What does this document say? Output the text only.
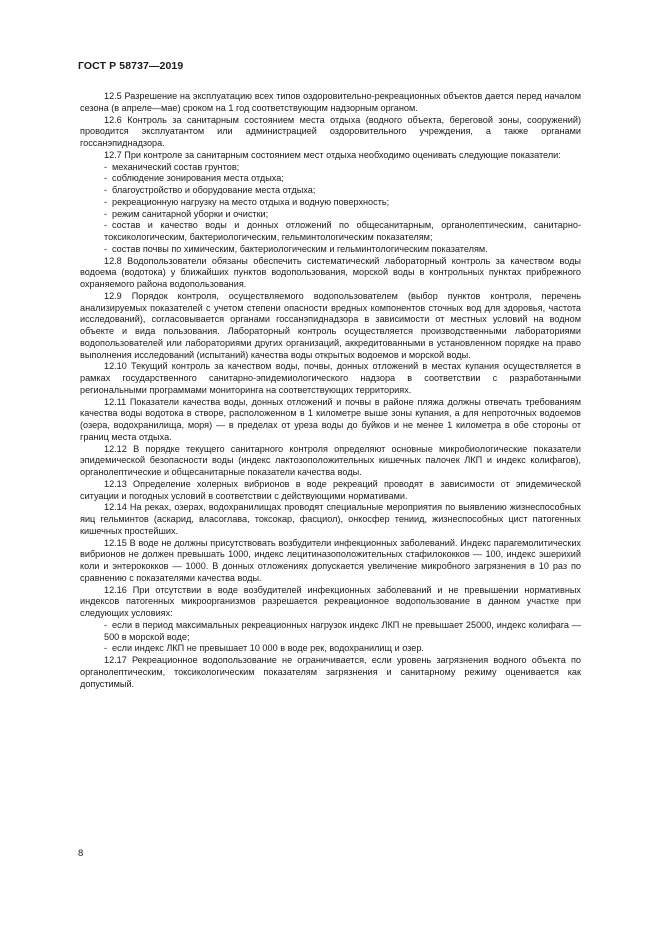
ГОСТ Р 58737—2019

12.5 Разрешение на эксплуатацию всех типов оздоровительно-рекреационных объектов дается перед началом сезона (в апреле—мае) сроком на 1 год соответствующим надзорным органом.

12.6 Контроль за санитарным состоянием места отдыха (водного объекта, береговой зоны, сооружений) проводится эксплуатантом или администрацией оздоровительного учреждения, а также органами госсанэпиднадзора.

12.7 При контроле за санитарным состоянием мест отдыха необходимо оценивать следующие показатели:

- механический состав грунтов;

- соблюдение зонирования места отдыха;

- благоустройство и оборудование места отдыха;

- рекреационную нагрузку на место отдыха и водную поверхность;

- режим санитарной уборки и очистки;

- состав и качество воды и донных отложений по общесанитарным, органолептическим, санитарно-токсикологическим, бактериологическим, гельминтологическим показателям;

- состав почвы по химическим, бактериологическим и гельминтологическим показателям.

12.8 Водопользователи обязаны обеспечить систематический лабораторный контроль за качеством воды водоема (водотока) у ближайших пунктов водопользования, морской воды в контрольных пунктах прибрежного охраняемого района водопользования.

12.9 Порядок контроля, осуществляемого водопользователем (выбор пунктов контроля, перечень анализируемых показателей с учетом степени опасности вредных компонентов сточных вод для здоровья, частота исследований), согласовывается органами госсанэпиднадзора в зависимости от местных условий на водном объекте и вида пользования. Лабораторный контроль осуществляется производственными лабораториями водопользователей или лабораториями других организаций, аккредитованными в установленном порядке на право выполнения исследований (испытаний) качества воды открытых водоемов и морской воды.

12.10 Текущий контроль за качеством воды, почвы, донных отложений в местах купания осуществляется в рамках государственного санитарно-эпидемиологического надзора в соответствии с разработанными региональными программами мониторинга на соответствующих территориях.

12.11 Показатели качества воды, донных отложений и почвы в районе пляжа должны отвечать требованиям качества воды водотока в створе, расположенном в 1 километре выше зоны купания, а для непроточных водоемов (озера, водохранилища, моря) — в пределах от уреза воды до буйков и не менее 1 километра в обе стороны от границ места отдыха.

12.12 В порядке текущего санитарного контроля определяют основные микробиологические показатели эпидемической безопасности воды (индекс лактозоположительных кишечных палочек ЛКП и индекс колифагов), органолептические и общесанитарные показатели качества воды.

12.13 Определение холерных вибрионов в воде рекреаций проводят в зависимости от эпидемической ситуации и погодных условий в соответствии с действующими нормативами.

12.14 На реках, озерах, водохранилищах проводят специальные мероприятия по выявлению жизнеспособных яиц гельминтов (аскарид, власоглава, токсокар, фасциол), онкосфер тениид, жизнеспособных цист патогенных кишечных простейших.

12.15 В воде не должны присутствовать возбудители инфекционных заболеваний. Индекс парагемолитических вибрионов не должен превышать 1000, индекс лецитиназоположительных стафилококков — 100, индекс эшерихий коли и энтерококков — 1000. В донных отложениях допускается увеличение микробного загрязнения в 10 раз по сравнению с показателями качества воды.

12.16 При отсутствии в воде возбудителей инфекционных заболеваний и не превышении нормативных индексов патогенных микроорганизмов разрешается рекреационное водопользование в данном участке при следующих условиях:

- если в период максимальных рекреационных нагрузок индекс ЛКП не превышает 25000, индекс колифага — 500 в морской воде;

- если индекс ЛКП не превышает 10 000 в воде рек, водохранилищ и озер.

12.17 Рекреационное водопользование не ограничивается, если уровень загрязнения водного объекта по органолептическим, токсикологическим показателям загрязнения и санитарному режиму оценивается как допустимый.

8
